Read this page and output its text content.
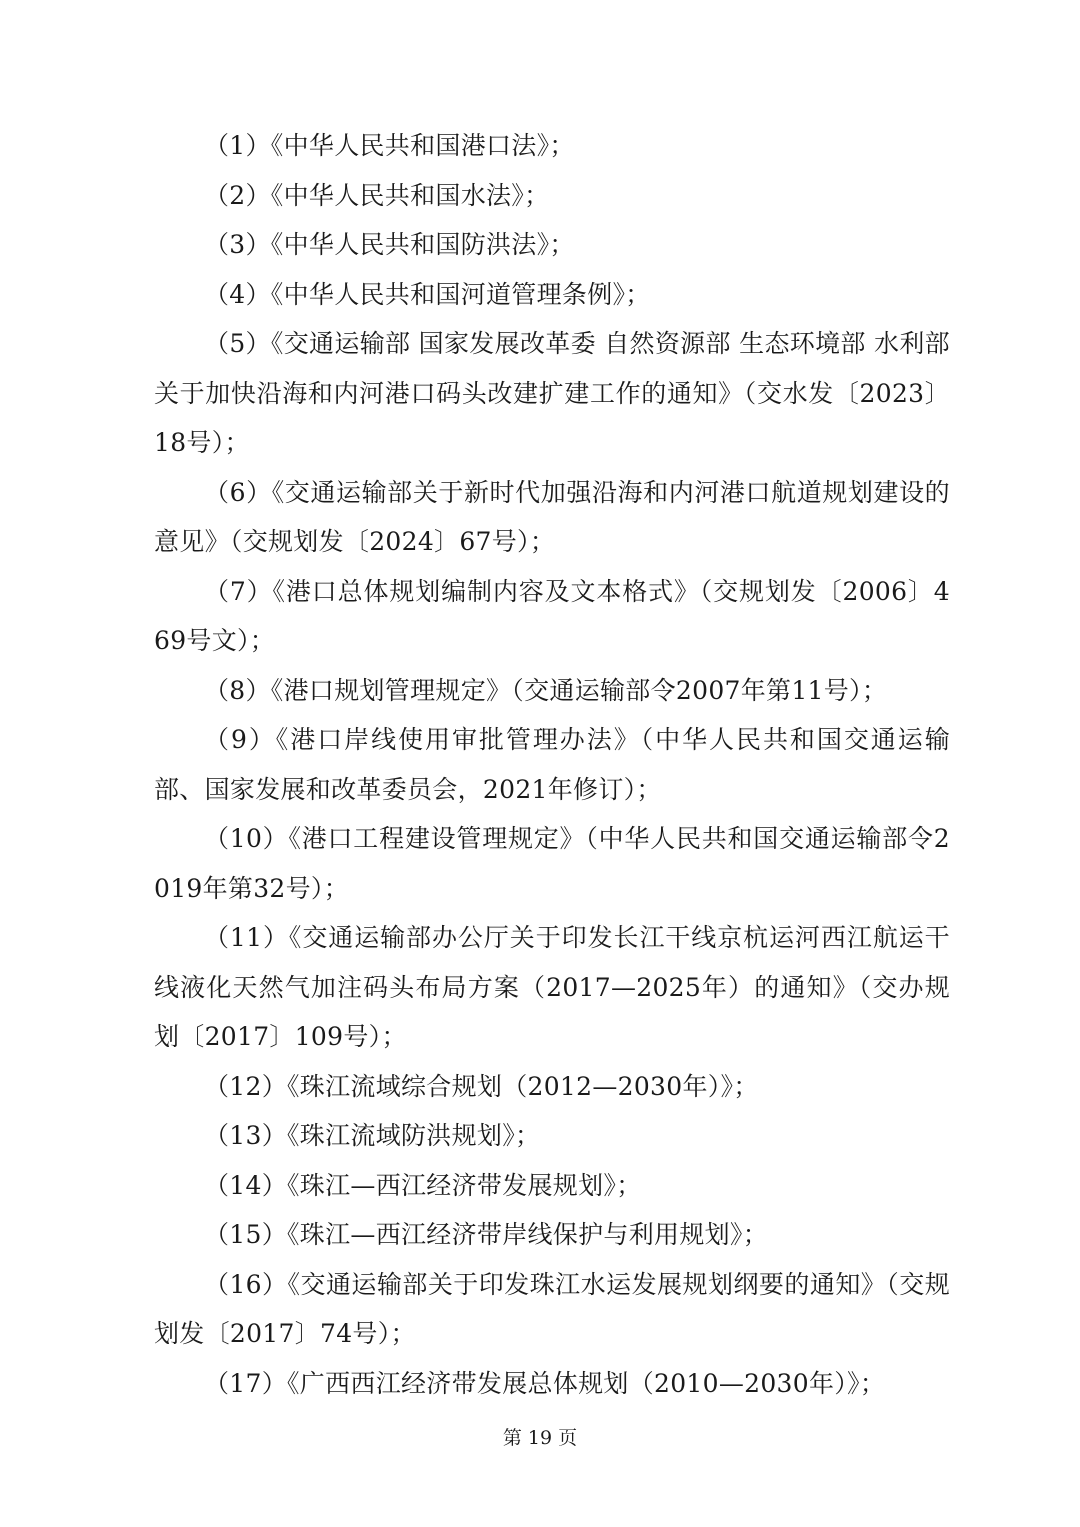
（1）《中华人民共和国港口法》；

（2）《中华人民共和国水法》；

（3）《中华人民共和国防洪法》；

（4）《中华人民共和国河道管理条例》；

（5）《交通运输部 国家发展改革委 自然资源部 生态环境部 水利部关于加快沿海和内河港口码头改建扩建工作的通知》（交水发〔2023〕18号）；

（6）《交通运输部关于新时代加强沿海和内河港口航道规划建设的意见》（交规划发〔2024〕67号）；

（7）《港口总体规划编制内容及文本格式》（交规划发〔2006〕469号文）；

（8）《港口规划管理规定》（交通运输部令2007年第11号）；

（9）《港口岸线使用审批管理办法》（中华人民共和国交通运输部、国家发展和改革委员会，2021年修订）；

（10）《港口工程建设管理规定》（中华人民共和国交通运输部令2019年第32号）；

（11）《交通运输部办公厅关于印发长江干线京杭运河西江航运干线液化天然气加注码头布局方案（2017—2025年）的通知》（交办规划〔2017〕109号）；

（12）《珠江流域综合规划（2012—2030年）》；

（13）《珠江流域防洪规划》；

（14）《珠江—西江经济带发展规划》；

（15）《珠江—西江经济带岸线保护与利用规划》；

（16）《交通运输部关于印发珠江水运发展规划纲要的通知》（交规划发〔2017〕74号）；

（17）《广西西江经济带发展总体规划（2010—2030年）》；

第 19 页
